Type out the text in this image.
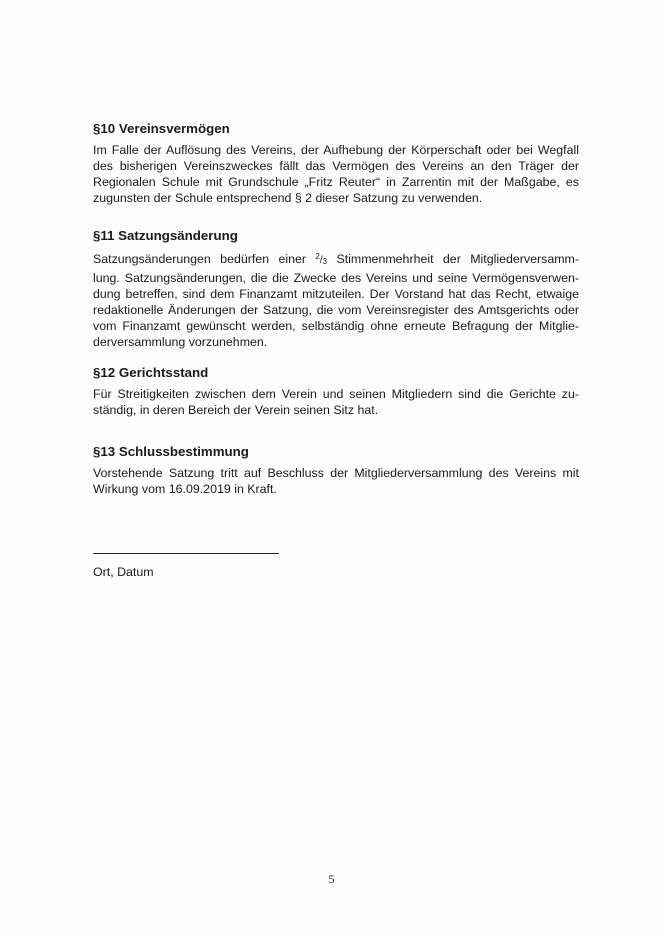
§10 Vereinsvermögen
Im Falle der Auflösung des Vereins, der Aufhebung der Körperschaft oder bei Wegfall
des bisherigen Vereinszweckes fällt das Vermögen des Vereins an den Träger der
Regionalen Schule mit Grundschule „Fritz Reuter“ in Zarrentin mit der Maßgabe, es
zugunsten der Schule entsprechend § 2 dieser Satzung zu verwenden.
§11 Satzungsänderung
Satzungsänderungen bedürfen einer $^2/_3$ Stimmenmehrheit der Mitgliederversamm-
lung. Satzungsänderungen, die die Zwecke des Vereins und seine Vermögensverwen-
dung betreffen, sind dem Finanzamt mitzuteilen. Der Vorstand hat das Recht, etwaige
redaktionelle Änderungen der Satzung, die vom Vereinsregister des Amtsgerichts oder
vom Finanzamt gewünscht werden, selbständig ohne erneute Befragung der Mitglie-
derversammlung vorzunehmen.
§12 Gerichtsstand
Für Streitigkeiten zwischen dem Verein und seinen Mitgliedern sind die Gerichte zu-
ständig, in deren Bereich der Verein seinen Sitz hat.
§13 Schlussbestimmung
Vorstehende Satzung tritt auf Beschluss der Mitgliederversammlung des Vereins mit
Wirkung vom 16.09.2019 in Kraft.
Ort, Datum
5
